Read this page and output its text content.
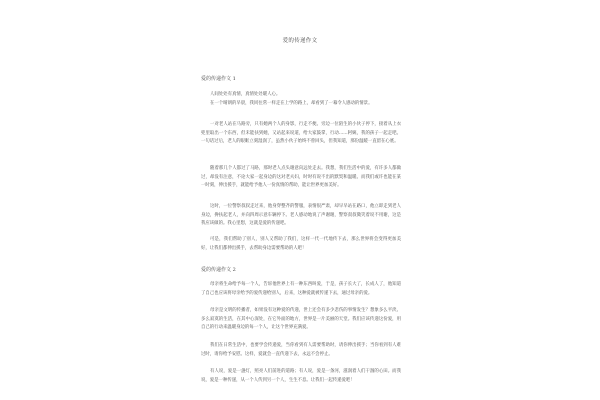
爱的传递作文
爱的传递作文 1

人间处处有真情，真情处处暖人心。

在一个晴朗的早晨，我同往常一样走在上学的路上，却看到了一幕令人感动的情景。

一对老人站在马路旁，只有她两个人的身影，行走不便。旁边一位陌生的小伙子停下，接着从上衣兜里取出一个东西，但未能扶到她，又站起来说道，给大家鼓掌，行动……阿姨，我的孩子一起走吧。一句话过后，老人的眼眶立刻湿润了，虽然小伙子始终不曾回头，但我知道，那份温暖一直留在心底。

随着那几个人都过了马路，那时老人点头谢意向远处走去。我想，我们生活中的爱，有许多人都做过，却没有注意，不论大家一起身边的这对老夫妇，时时有说不出的默契和温暖。而我们或许也能在某一时刻，伸出援手，就能给予他人一份真情的帮助，能让世界更加美好。

这时，一位警察叔叔走过来，他身穿整齐的警服，表情很严肃，却早早站在路口，他立即走到老人身边，搀扶起老人，并向四周示意车辆停下。老人感动地说了声谢谢，警察叔叔微笑着说不用谢，这是我应该做的。我心里想，这就是爱的传递吧。

可是，我们帮助了别人，别人又帮助了我们，这样一代一代地传下去，那么世界将会变得更加美好，让我们都伸出援手，去帮助身边需要帮助的人吧！

爱的传递作文 2

母亲将生命给予每一个人，告诉他世界上有一种东西叫爱，于是，孩子长大了，长成人了，他知道了自己也应该将母亲给予的爱传递给别人，后来，这种爱就被传递下去，通过母亲的爱。

母亲是文明的传播者，如果没有这种爱的传递，世上还会有多少悲伤的事情发生？想象多么平淡、多么寂寞的生活，在其中心深处，在它外面的地方，世界是一片美丽的天堂。我们应该传递这份爱，用自己的行动来温暖身边的每一个人，让这个世界充满爱。

我们在日常生活中，也要学会传递爱，当你看到有人需要帮助时，请你伸出援手；当你看到有人难过时，请你给予安慰。这样，爱就会一直传递下去，永远不会停止。

有人说，爱是一盏灯，照亮人们前进的道路；有人说，爱是一条河，滋润着人们干涸的心田。而我说，爱是一种传递，从一个人传到另一个人，生生不息。让我们一起传递爱吧！
